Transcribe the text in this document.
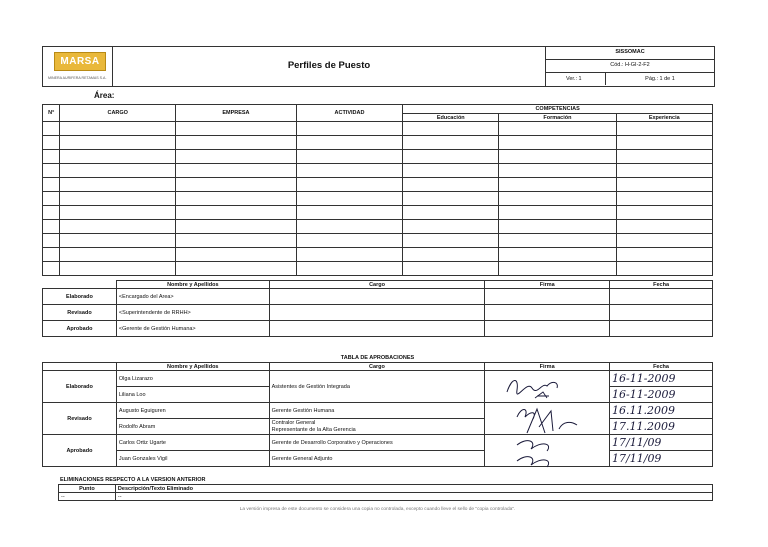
MARSA
MINERA AURIFERA RETAMAS S.A.
Perfiles de Puesto
SISSOMAC
Cód.: H-GI-2-F2
Ver.: 1	Pág.: 1 de 1
Área:
N°	CARGO	EMPRESA	ACTIVIDAD	COMPETENCIAS		
				Educación	Formación	Experiencia

	Nombre y Apellidos	Cargo	Firma	Fecha
Elaborado	<Encargado del Area>			
Revisado	<Superintendente de RRHH>			
Aprobado	<Gerente de Gestión Humana>			
TABLA DE APROBACIONES
	Nombre y Apellidos	Cargo	Firma	Fecha
Elaborado	Olga Lizarazo	Asistentes de Gestión Integrada		16-11-2009
	Liliana Loo			16-11-2009
Revisado	Augusto Eguiguren	Gerente Gestión Humana		16.11.2009
	Rodolfo Abram	Contralor General
Representante de la Alta Gerencia		17.11.2009
Aprobado	Carlos Ortiz Ugarte	Gerente de Desarrollo Corporativo y Operaciones		17/11/09
	Juan Gonzales Vigil	Gerente General Adjunto		17/11/09
ELIMINACIONES RESPECTO A LA VERSION ANTERIOR
Punto	Descripción/Texto Eliminado
--	--
La versión impresa de este documento se considera una copia no controlada, excepto cuando lleve el sello de "copia controlada".
